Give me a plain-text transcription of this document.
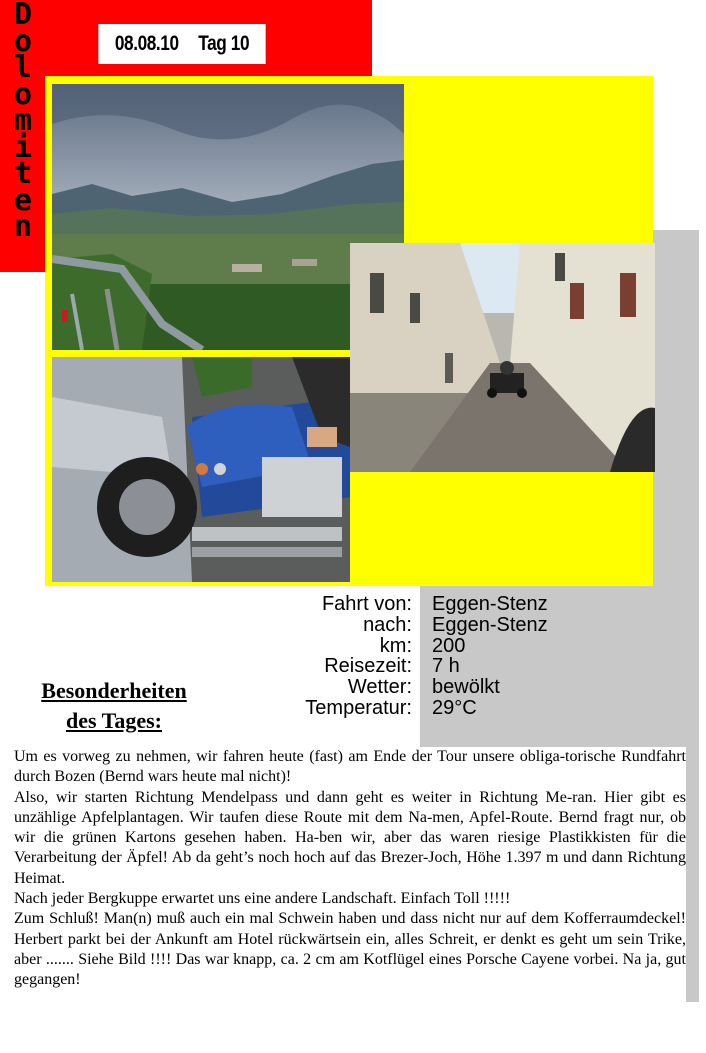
D
o
l
o
m
i
t
e
n
08.08.10 Tag 10
Fahrt von:
nach:
km:
Reisezeit:
Wetter:
Temperatur:
Eggen-Stenz
Eggen-Stenz
200
7 h
bewölkt
29°C
Besonderheiten
des Tages:

Um es vorweg zu nehmen, wir fahren heute (fast) am Ende der Tour unsere obliga-torische Rundfahrt durch Bozen (Bernd wars heute mal nicht)!

Also, wir starten Richtung Mendelpass und dann geht es weiter in Richtung Me-ran. Hier gibt es unzählige Apfelplantagen. Wir taufen diese Route mit dem Na-men, Apfel-Route. Bernd fragt nur, ob wir die grünen Kartons gesehen haben. Ha-ben wir, aber das waren riesige Plastikkisten für die Verarbeitung der Äpfel! Ab da geht’s noch hoch auf das Brezer-Joch, Höhe 1.397 m und dann Richtung Heimat.

Nach jeder Bergkuppe erwartet uns eine andere Landschaft. Einfach Toll !!!!!

Zum Schluß! Man(n) muß auch ein mal Schwein haben und dass nicht nur auf dem Kofferraumdeckel! Herbert parkt bei der Ankunft am Hotel rückwärtsein ein, alles Schreit, er denkt es geht um sein Trike, aber ....... Siehe Bild !!!! Das war knapp, ca. 2 cm am Kotflügel eines Porsche Cayene vorbei. Na ja, gut gegangen!
